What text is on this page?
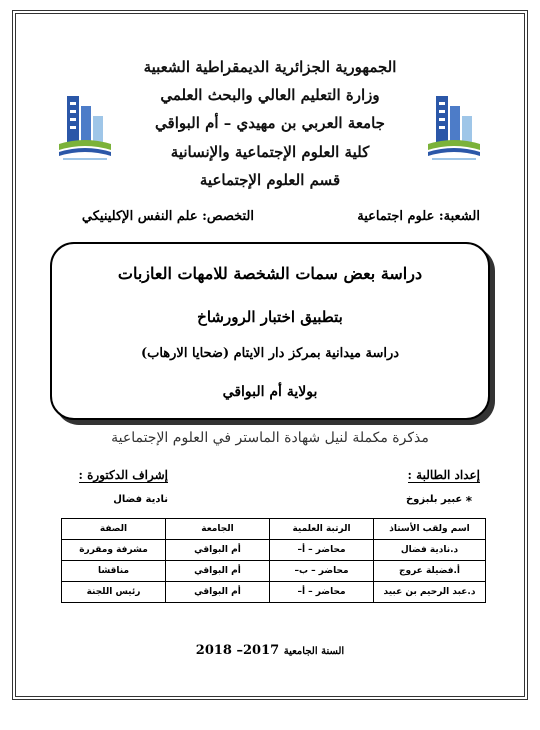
الجمهورية الجزائرية الديمقراطية الشعبية
وزارة التعليم العالي والبحث العلمي
جامعة العربي بن مهيدي – أم البواقي
كلية العلوم الإجتماعية والإنسانية
قسم العلوم الإجتماعية
الشعبة: علوم اجتماعية
التخصص: علم النفس الإكلينيكي
دراسة بعض سمات الشخصة للامهات العازبات
بتطبيق اختبار الرورشاخ
دراسة ميدانية بمركز دار الايتام (ضحايا الارهاب)
بولاية أم البواقي
مذكرة مكملة لنيل شهادة الماستر في العلوم الإجتماعية
إعداد الطالبة :
إشراف الدكتورة :
* عبير بلبزوخ
نادية فضال
اسم ولقب الأستاذ	الرتبة العلمية	الجامعة	الصفة
د.نادية فضال	محاضر – أ–	أم البواقي	مشرفة ومقررة
أ.فضيلة عروج	محاضر – ب–	أم البواقي	مناقشا
د.عبد الرحيم بن عبيد	محاضر – أ–	أم البواقي	رئيس اللجنة
السنة الجامعية 2017– 2018
